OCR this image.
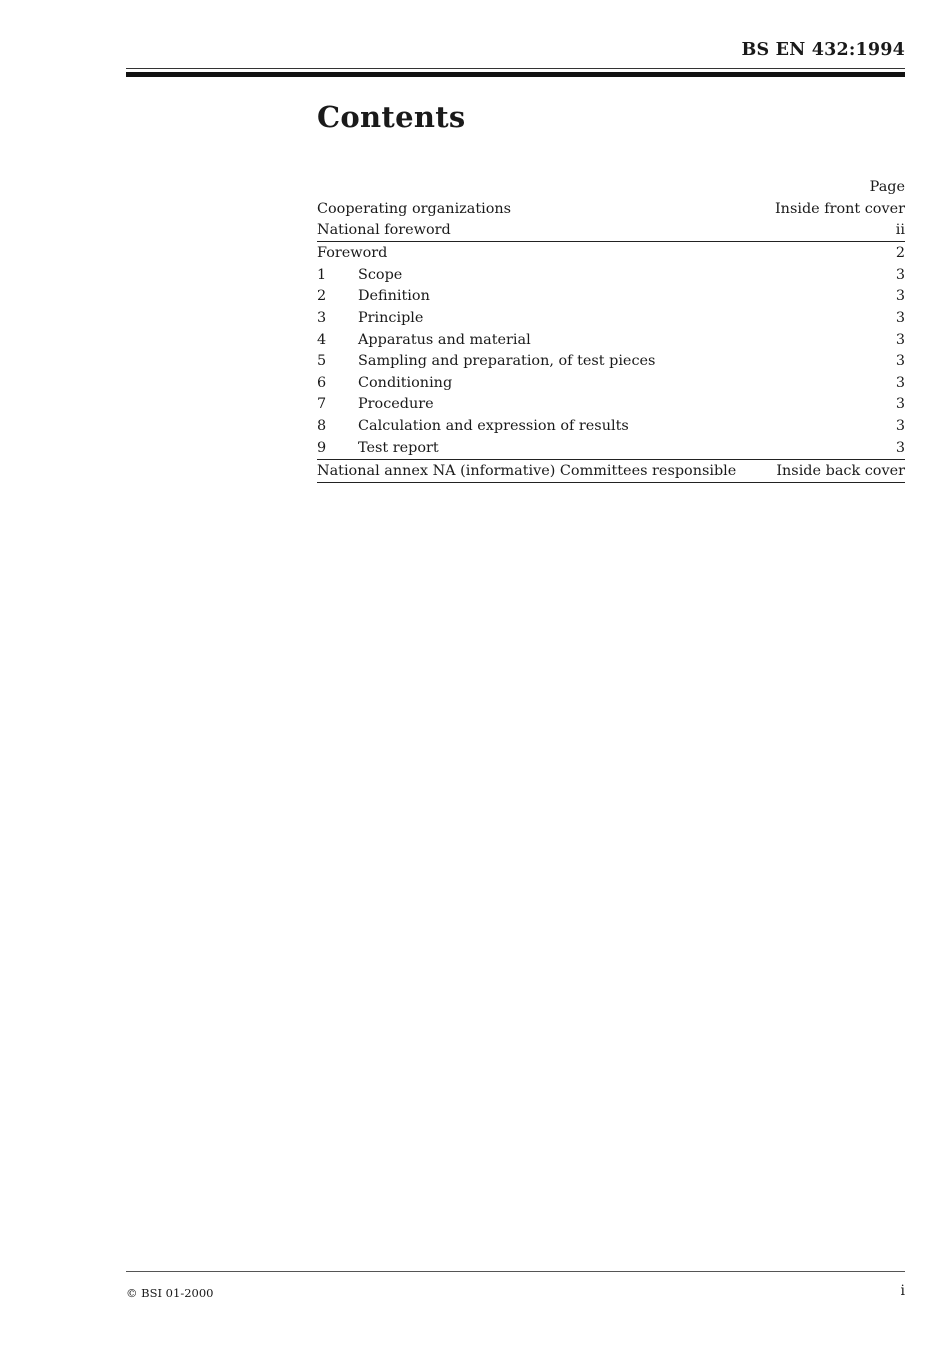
BS EN 432:1994
Contents
Page
Cooperating organizations	Inside front cover
National foreword	ii
Foreword	2
1	Scope	3
2	Definition	3
3	Principle	3
4	Apparatus and material	3
5	Sampling and preparation, of test pieces	3
6	Conditioning	3
7	Procedure	3
8	Calculation and expression of results	3
9	Test report	3
National annex NA (informative) Committees responsible	Inside back cover
© BSI 01-2000	i
